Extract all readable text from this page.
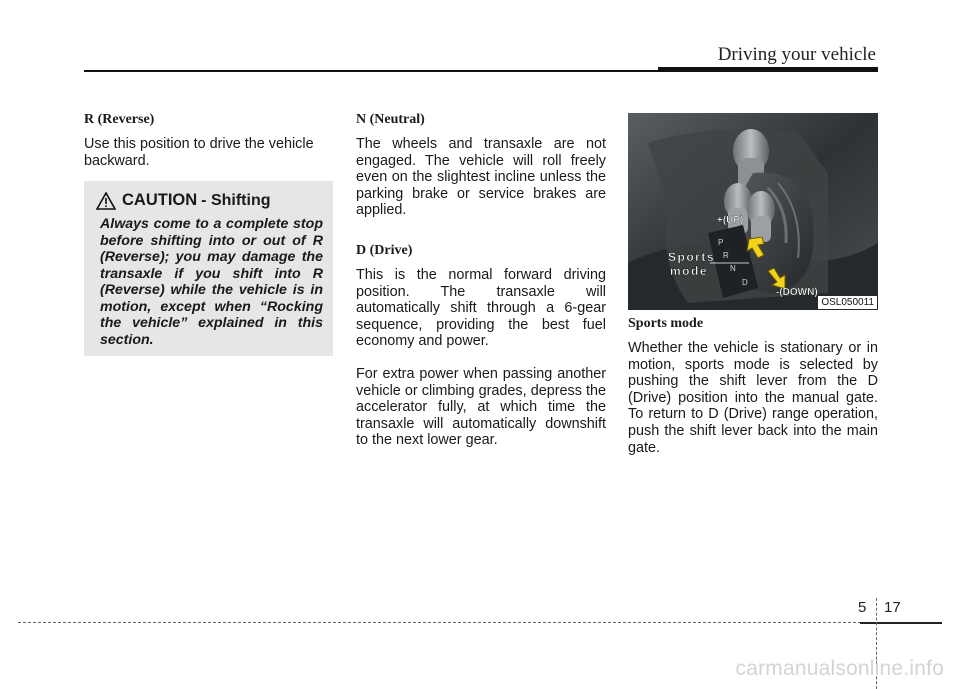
Driving your vehicle

R (Reverse)

Use this position to drive the vehicle backward.

CAUTION - Shifting

Always come to a complete stop before shifting into or out of R (Reverse); you may damage the transaxle if you shift into R (Reverse) while the vehicle is in motion, except when “Rocking the vehicle” explained in this section.

N (Neutral)

The wheels and transaxle are not engaged. The vehicle will roll freely even on the slightest incline unless the parking brake or service brakes are applied.

D (Drive)

This is the normal forward driving position. The transaxle will automatically shift through a 6-gear sequence, providing the best fuel economy and power.

For extra power when passing another vehicle or climbing grades, depress the accelerator fully, at which time the transaxle will automatically downshift to the next lower gear.

P
R
N
D
+(UP)
-(DOWN)
Sports
mode
OSL050011

Sports mode

Whether the vehicle is stationary or in motion, sports mode is selected by pushing the shift lever from the D (Drive) position into the manual gate. To return to D (Drive) range operation, push the shift lever back into the main gate.

5 17
carmanualsonline.info
